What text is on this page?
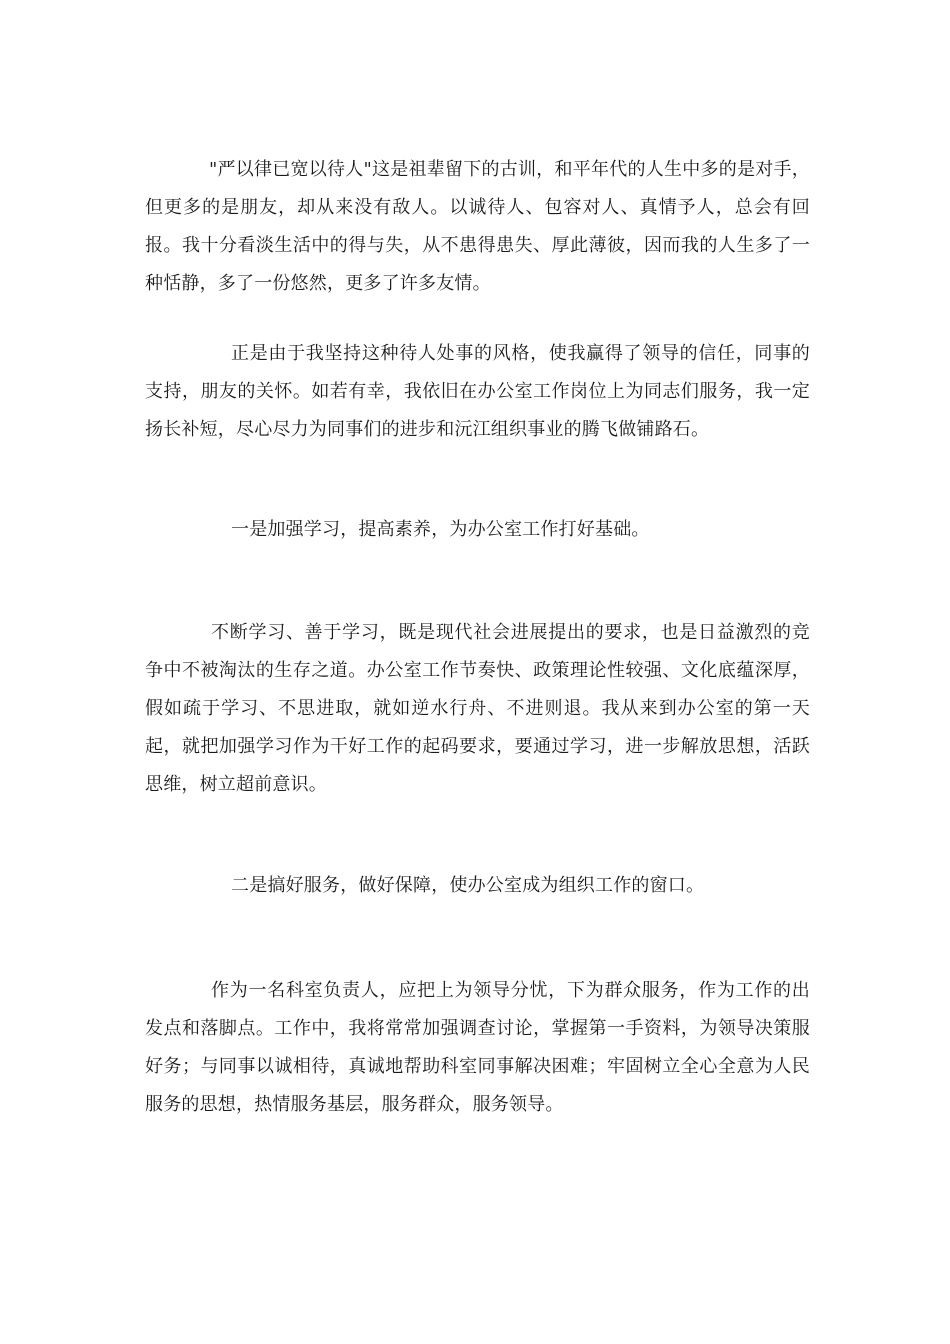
"严以律已宽以待人"这是祖辈留下的古训，和平年代的人生中多的是对手，但更多的是朋友，却从来没有敌人。以诚待人、包容对人、真情予人，总会有回报。我十分看淡生活中的得与失，从不患得患失、厚此薄彼，因而我的人生多了一种恬静，多了一份悠然，更多了许多友情。

正是由于我坚持这种待人处事的风格，使我赢得了领导的信任，同事的支持，朋友的关怀。如若有幸，我依旧在办公室工作岗位上为同志们服务，我一定扬长补短，尽心尽力为同事们的进步和沅江组织事业的腾飞做铺路石。

一是加强学习，提高素养，为办公室工作打好基础。

不断学习、善于学习，既是现代社会进展提出的要求，也是日益激烈的竞争中不被淘汰的生存之道。办公室工作节奏快、政策理论性较强、文化底蕴深厚，假如疏于学习、不思进取，就如逆水行舟、不进则退。我从来到办公室的第一天起，就把加强学习作为干好工作的起码要求，要通过学习，进一步解放思想，活跃思维，树立超前意识。

二是搞好服务，做好保障，使办公室成为组织工作的窗口。

作为一名科室负责人，应把上为领导分忧，下为群众服务，作为工作的出发点和落脚点。工作中，我将常常加强调查讨论，掌握第一手资料，为领导决策服好务；与同事以诚相待，真诚地帮助科室同事解决困难；牢固树立全心全意为人民服务的思想，热情服务基层，服务群众，服务领导。
